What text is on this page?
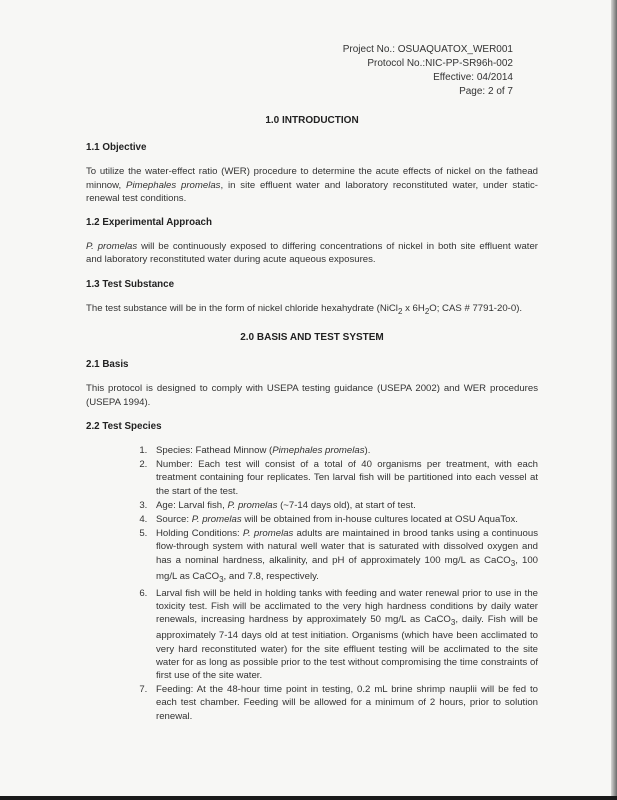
Project No.: OSUAQUATOX_WER001
Protocol No.:NIC-PP-SR96h-002
Effective: 04/2014
Page: 2 of 7
1.0 INTRODUCTION
1.1 Objective

To utilize the water-effect ratio (WER) procedure to determine the acute effects of nickel on the fathead minnow, Pimephales promelas, in site effluent water and laboratory reconstituted water, under static-renewal test conditions.

1.2 Experimental Approach

P. promelas will be continuously exposed to differing concentrations of nickel in both site effluent water and laboratory reconstituted water during acute aqueous exposures.

1.3 Test Substance

The test substance will be in the form of nickel chloride hexahydrate (NiCl$_2$ x $6H_2O$; CAS # 7791-20-0).

2.0 BASIS AND TEST SYSTEM
2.1 Basis

This protocol is designed to comply with USEPA testing guidance (USEPA 2002) and WER procedures (USEPA 1994).

2.2 Test Species
1. Species: Fathead Minnow (Pimephales promelas).
2. Number: Each test will consist of a total of 40 organisms per treatment, with each treatment containing four replicates. Ten larval fish will be partitioned into each vessel at the start of the test.
3. Age: Larval fish, P. promelas (~7-14 days old), at start of test.
4. Source: P. promelas will be obtained from in-house cultures located at OSU AquaTox.
5. Holding Conditions: P. promelas adults are maintained in brood tanks using a continuous flow-through system with natural well water that is saturated with dissolved oxygen and has a nominal hardness, alkalinity, and pH of approximately 100 mg/L as CaCO$_3$, 100 mg/L as CaCO$_3$, and 7.8, respectively.
6. Larval fish will be held in holding tanks with feeding and water renewal prior to use in the toxicity test. Fish will be acclimated to the very high hardness conditions by daily water renewals, increasing hardness by approximately 50 mg/L as CaCO$_3$, daily. Fish will be approximately 7-14 days old at test initiation. Organisms (which have been acclimated to very hard reconstituted water) for the site effluent testing will be acclimated to the site water for as long as possible prior to the test without compromising the time constraints of first use of the site water.
7. Feeding: At the 48-hour time point in testing, 0.2 mL brine shrimp nauplii will be fed to each test chamber. Feeding will be allowed for a minimum of 2 hours, prior to solution renewal.
